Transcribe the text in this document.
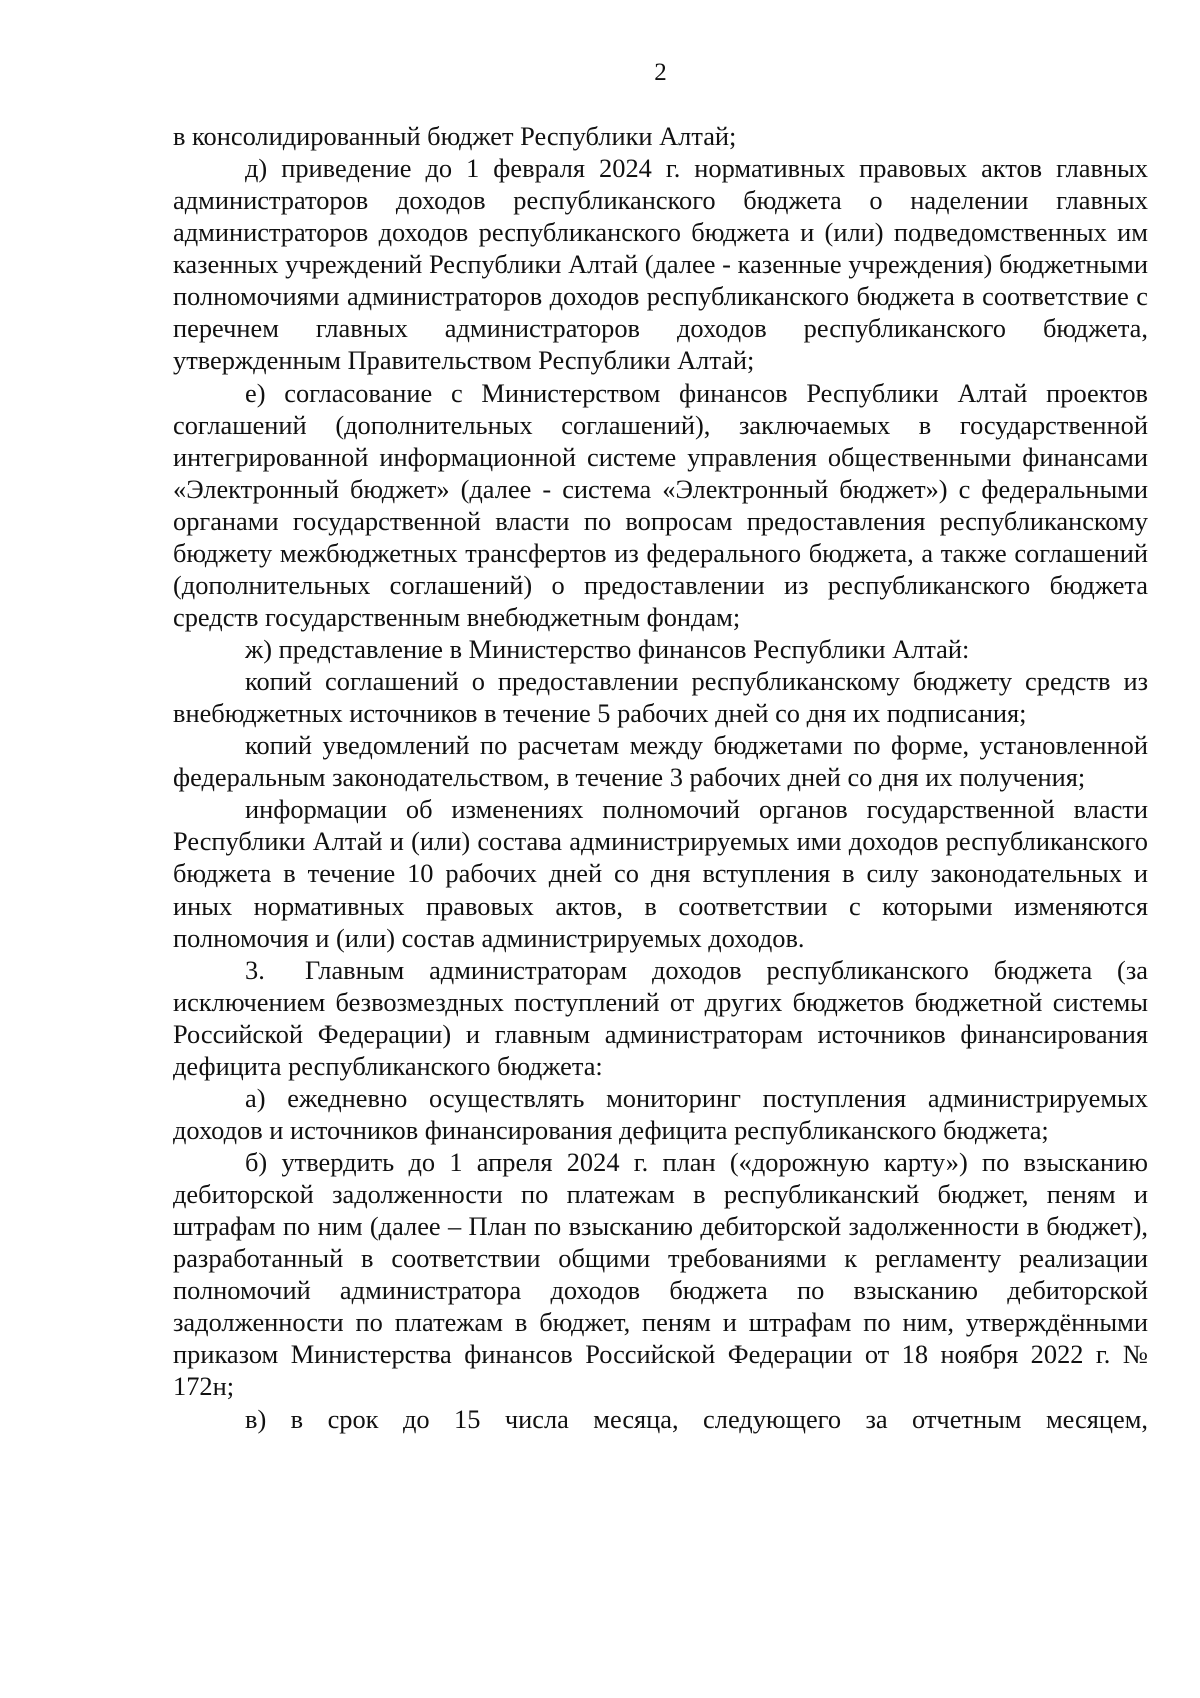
2

в консолидированный бюджет Республики Алтай;

д) приведение до 1 февраля 2024 г. нормативных правовых актов главных администраторов доходов республиканского бюджета о наделении главных администраторов доходов республиканского бюджета и (или) подведомственных им казенных учреждений Республики Алтай (далее - казенные учреждения) бюджетными полномочиями администраторов доходов республиканского бюджета в соответствие с перечнем главных администраторов доходов республиканского бюджета, утвержденным Правительством Республики Алтай;

е) согласование с Министерством финансов Республики Алтай проектов соглашений (дополнительных соглашений), заключаемых в государственной интегрированной информационной системе управления общественными финансами «Электронный бюджет» (далее - система «Электронный бюджет») с федеральными органами государственной власти по вопросам предоставления республиканскому бюджету межбюджетных трансфертов из федерального бюджета, а также соглашений (дополнительных соглашений) о предоставлении из республиканского бюджета средств государственным внебюджетным фондам;

ж) представление в Министерство финансов Республики Алтай:

копий соглашений о предоставлении республиканскому бюджету средств из внебюджетных источников в течение 5 рабочих дней со дня их подписания;

копий уведомлений по расчетам между бюджетами по форме, установленной федеральным законодательством, в течение 3 рабочих дней со дня их получения;

информации об изменениях полномочий органов государственной власти Республики Алтай и (или) состава администрируемых ими доходов республиканского бюджета в течение 10 рабочих дней со дня вступления в силу законодательных и иных нормативных правовых актов, в соответствии с которыми изменяются полномочия и (или) состав администрируемых доходов.

3. Главным администраторам доходов республиканского бюджета (за исключением безвозмездных поступлений от других бюджетов бюджетной системы Российской Федерации) и главным администраторам источников финансирования дефицита республиканского бюджета:

а) ежедневно осуществлять мониторинг поступления администрируемых доходов и источников финансирования дефицита республиканского бюджета;

б) утвердить до 1 апреля 2024 г. план («дорожную карту») по взысканию дебиторской задолженности по платежам в республиканский бюджет, пеням и штрафам по ним (далее – План по взысканию дебиторской задолженности в бюджет), разработанный в соответствии общими требованиями к регламенту реализации полномочий администратора доходов бюджета по взысканию дебиторской задолженности по платежам в бюджет, пеням и штрафам по ним, утверждёнными приказом Министерства финансов Российской Федерации от 18 ноября 2022 г. № 172н;

в) в срок до 15 числа месяца, следующего за отчетным месяцем,
